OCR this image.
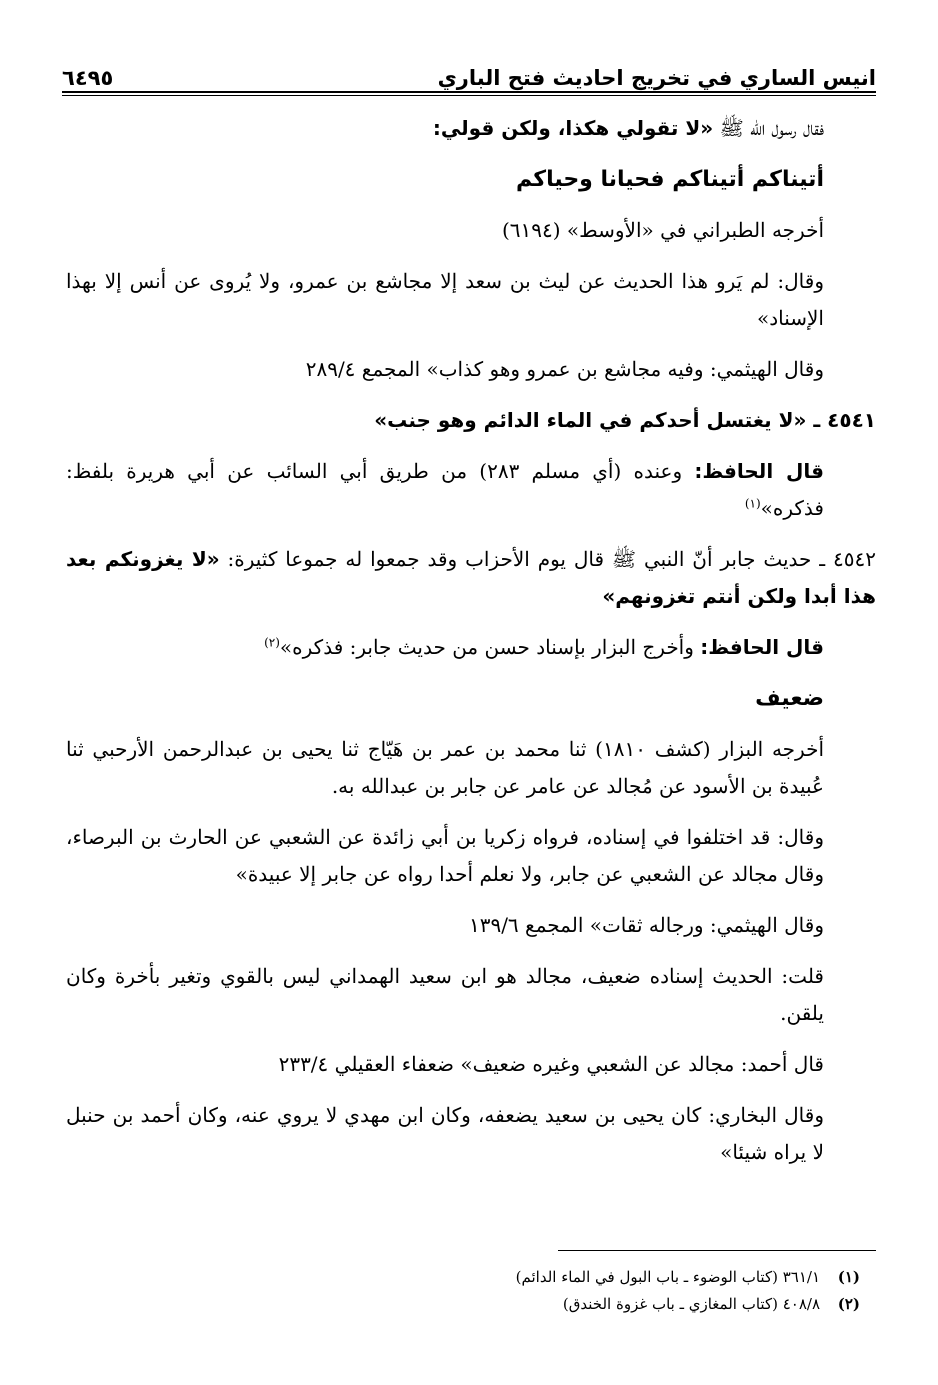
انيس الساري في تخريج احاديث فتح الباري
٦٤٩٥

فقال رسول الله ﷺ «لا تقولي هكذا، ولكن قولي:

أتيناكم أتيناكم فحيانا وحياكم

أخرجه الطبراني في «الأوسط» (٦١٩٤)

وقال: لم يَرو هذا الحديث عن ليث بن سعد إلا مجاشع بن عمرو، ولا يُروى عن أنس إلا بهذا الإسناد»

وقال الهيثمي: وفيه مجاشع بن عمرو وهو كذاب» المجمع ٢٨٩/٤

٤٥٤١ ـ «لا يغتسل أحدكم في الماء الدائم وهو جنب»

قال الحافظ: وعنده (أي مسلم ٢٨٣) من طريق أبي السائب عن أبي هريرة بلفظ: فذكره»$^{(١)}$

٤٥٤٢ ـ حديث جابر أنّ النبي ﷺ قال يوم الأحزاب وقد جمعوا له جموعا كثيرة: «لا يغزونكم بعد هذا أبدا ولكن أنتم تغزونهم»

قال الحافظ: وأخرج البزار بإسناد حسن من حديث جابر: فذكره»$^{(٢)}$

ضعيف

أخرجه البزار (كشف ١٨١٠) ثنا محمد بن عمر بن هَيّاج ثنا يحيى بن عبدالرحمن الأرحبي ثنا عُبيدة بن الأسود عن مُجالد عن عامر عن جابر بن عبدالله به.

وقال: قد اختلفوا في إسناده، فرواه زكريا بن أبي زائدة عن الشعبي عن الحارث بن البرصاء، وقال مجالد عن الشعبي عن جابر، ولا نعلم أحدا رواه عن جابر إلا عبيدة»

وقال الهيثمي: ورجاله ثقات» المجمع ١٣٩/٦

قلت: الحديث إسناده ضعيف، مجالد هو ابن سعيد الهمداني ليس بالقوي وتغير بأخرة وكان يلقن.

قال أحمد: مجالد عن الشعبي وغيره ضعيف» ضعفاء العقيلي ٢٣٣/٤

وقال البخاري: كان يحيى بن سعيد يضعفه، وكان ابن مهدي لا يروي عنه، وكان أحمد بن حنبل لا يراه شيئا»

(١)٣٦١/١ (كتاب الوضوء ـ باب البول في الماء الدائم)

(٢)٤٠٨/٨ (كتاب المغازي ـ باب غزوة الخندق)
